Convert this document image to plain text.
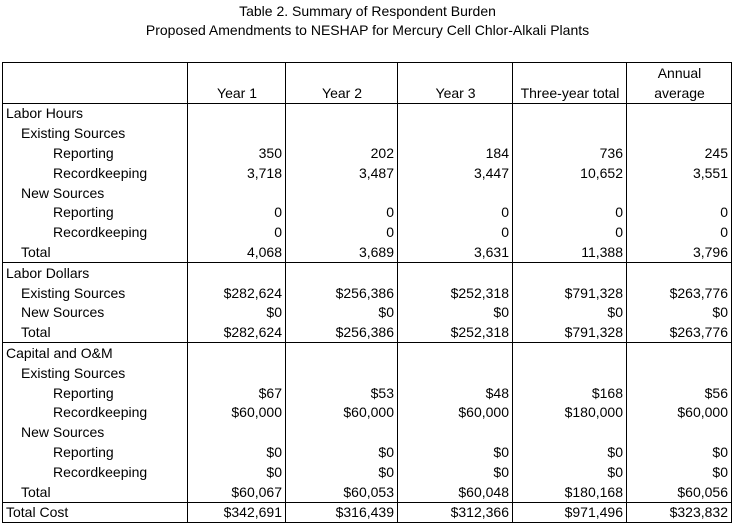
Table 2. Summary of Respondent Burden
Proposed Amendments to NESHAP for Mercury Cell Chlor-Alkali Plants
					Annual
	Year 1	Year 2	Year 3	Three-year total	average
Labor Hours					
Existing Sources					
Reporting	350	202	184	736	245
Recordkeeping	3,718	3,487	3,447	10,652	3,551
New Sources					
Reporting	0	0	0	0	0
Recordkeeping	0	0	0	0	0
Total	4,068	3,689	3,631	11,388	3,796
Labor Dollars					
Existing Sources	$282,624	$256,386	$252,318	$791,328	$263,776
New Sources	$0	$0	$0	$0	$0
Total	$282,624	$256,386	$252,318	$791,328	$263,776
Capital and O&M					
Existing Sources					
Reporting	$67	$53	$48	$168	$56
Recordkeeping	$60,000	$60,000	$60,000	$180,000	$60,000
New Sources					
Reporting	$0	$0	$0	$0	$0
Recordkeeping	$0	$0	$0	$0	$0
Total	$60,067	$60,053	$60,048	$180,168	$60,056
Total Cost	$342,691	$316,439	$312,366	$971,496	$323,832
